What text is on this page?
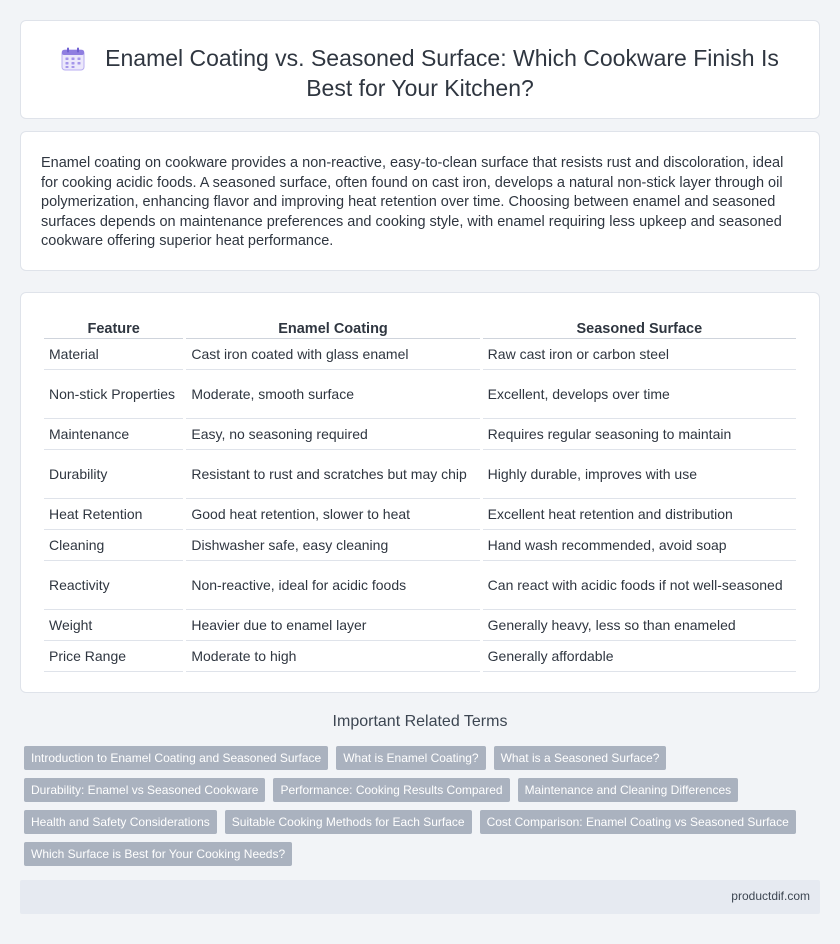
Enamel Coating vs. Seasoned Surface: Which Cookware Finish Is Best for Your Kitchen?

Enamel coating on cookware provides a non-reactive, easy-to-clean surface that resists rust and discoloration, ideal for cooking acidic foods. A seasoned surface, often found on cast iron, develops a natural non-stick layer through oil polymerization, enhancing flavor and improving heat retention over time. Choosing between enamel and seasoned surfaces depends on maintenance preferences and cooking style, with enamel requiring less upkeep and seasoned cookware offering superior heat performance.

Feature	Enamel Coating	Seasoned Surface
Material	Cast iron coated with glass enamel	Raw cast iron or carbon steel
Non-stick Properties	Moderate, smooth surface	Excellent, develops over time
Maintenance	Easy, no seasoning required	Requires regular seasoning to maintain
Durability	Resistant to rust and scratches but may chip	Highly durable, improves with use
Heat Retention	Good heat retention, slower to heat	Excellent heat retention and distribution
Cleaning	Dishwasher safe, easy cleaning	Hand wash recommended, avoid soap
Reactivity	Non-reactive, ideal for acidic foods	Can react with acidic foods if not well-seasoned
Weight	Heavier due to enamel layer	Generally heavy, less so than enameled
Price Range	Moderate to high	Generally affordable
Important Related Terms
Introduction to Enamel Coating and Seasoned Surface	What is Enamel Coating?	What is a Seasoned Surface?
Durability: Enamel vs Seasoned Cookware	Performance: Cooking Results Compared	Maintenance and Cleaning Differences
Health and Safety Considerations	Suitable Cooking Methods for Each Surface	Cost Comparison: Enamel Coating vs Seasoned Surface
Which Surface is Best for Your Cooking Needs?
productdif.com
